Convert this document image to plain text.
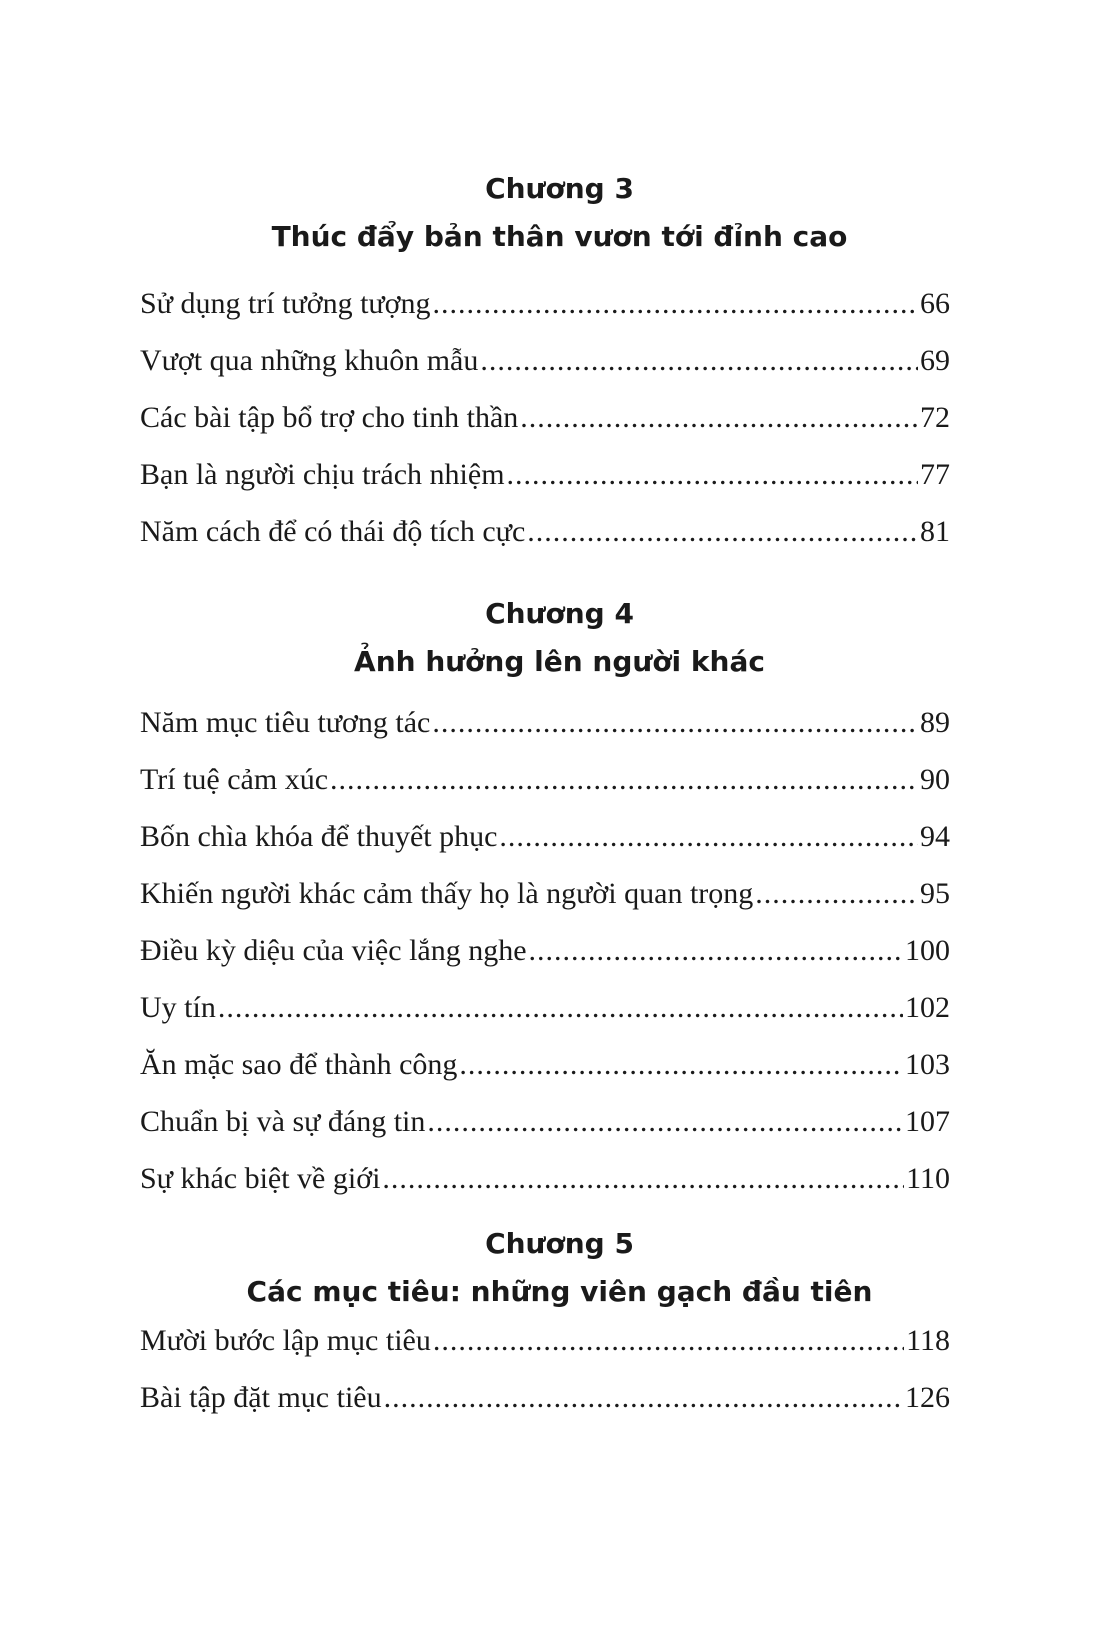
Chương 3
Thúc đẩy bản thân vươn tới đỉnh cao
Sử dụng trí tưởng tượng .....	66
Vượt qua những khuôn mẫu .....	69
Các bài tập bổ trợ cho tinh thần .....	72
Bạn là người chịu trách nhiệm .....	77
Năm cách để có thái độ tích cực .....	81
Chương 4
Ảnh hưởng lên người khác
Năm mục tiêu tương tác .....	89
Trí tuệ cảm xúc .....	90
Bốn chìa khóa để thuyết phục .....	94
Khiến người khác cảm thấy họ là người quan trọng .....	95
Điều kỳ diệu của việc lắng nghe .....	100
Uy tín .....	102
Ăn mặc sao để thành công .....	103
Chuẩn bị và sự đáng tin .....	107
Sự khác biệt về giới .....	110
Chương 5
Các mục tiêu: những viên gạch đầu tiên
Mười bước lập mục tiêu .....	118
Bài tập đặt mục tiêu .....	126
